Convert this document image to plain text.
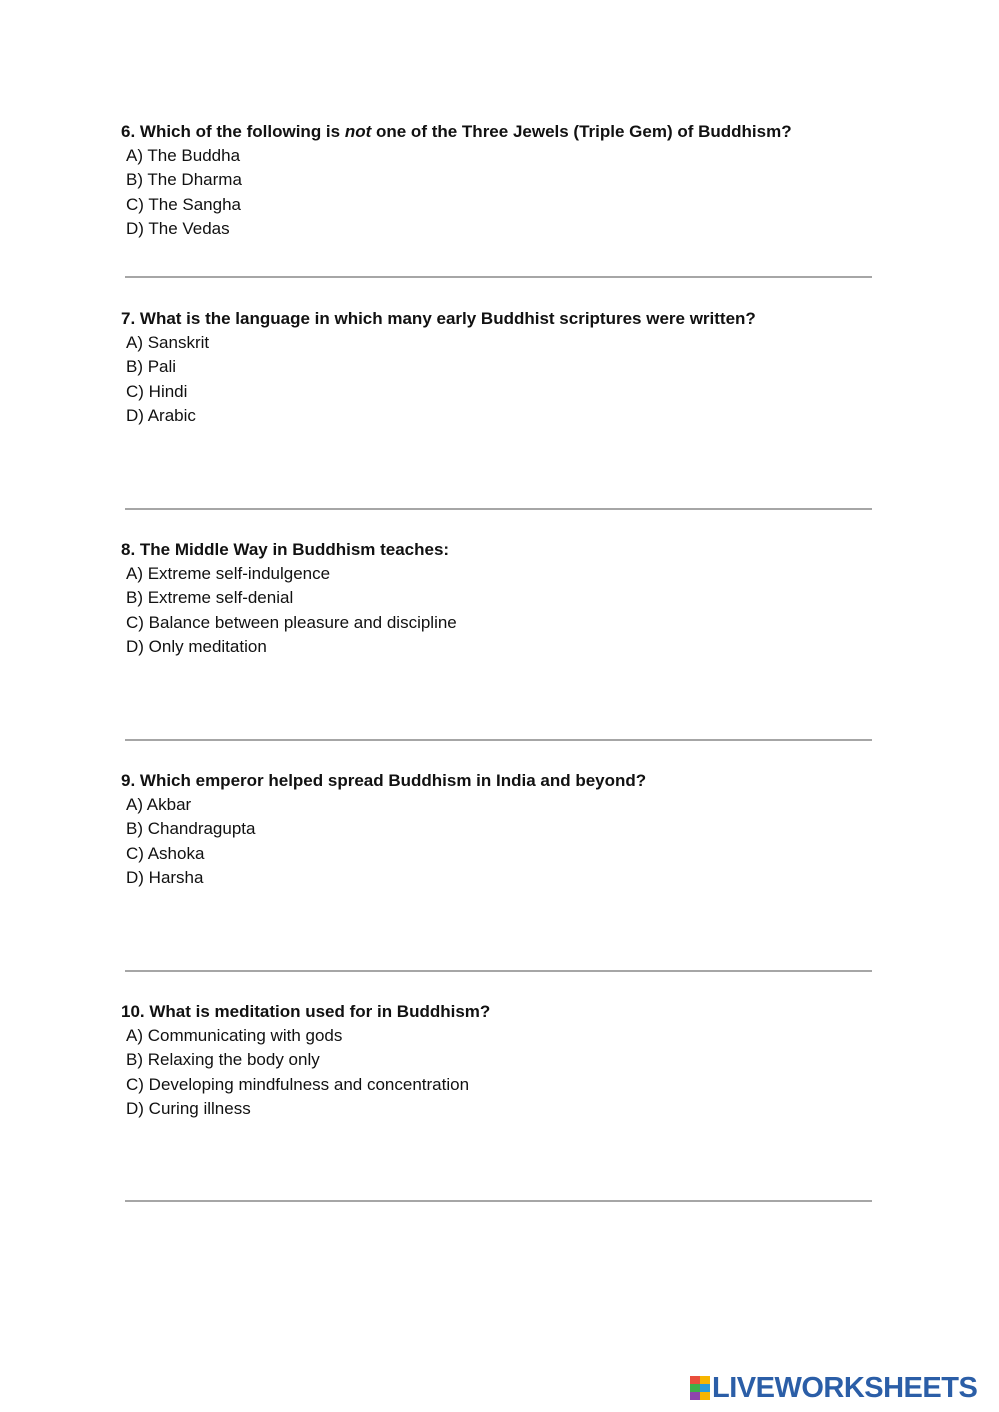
6. Which of the following is not one of the Three Jewels (Triple Gem) of Buddhism?

A) The Buddha
B) The Dharma
C) The Sangha
D) The Vedas

7. What is the language in which many early Buddhist scriptures were written?

A) Sanskrit
B) Pali
C) Hindi
D) Arabic

8. The Middle Way in Buddhism teaches:

A) Extreme self-indulgence
B) Extreme self-denial
C) Balance between pleasure and discipline
D) Only meditation

9. Which emperor helped spread Buddhism in India and beyond?

A) Akbar
B) Chandragupta
C) Ashoka
D) Harsha

10. What is meditation used for in Buddhism?

A) Communicating with gods
B) Relaxing the body only
C) Developing mindfulness and concentration
D) Curing illness
LIVEWORKSHEETS
